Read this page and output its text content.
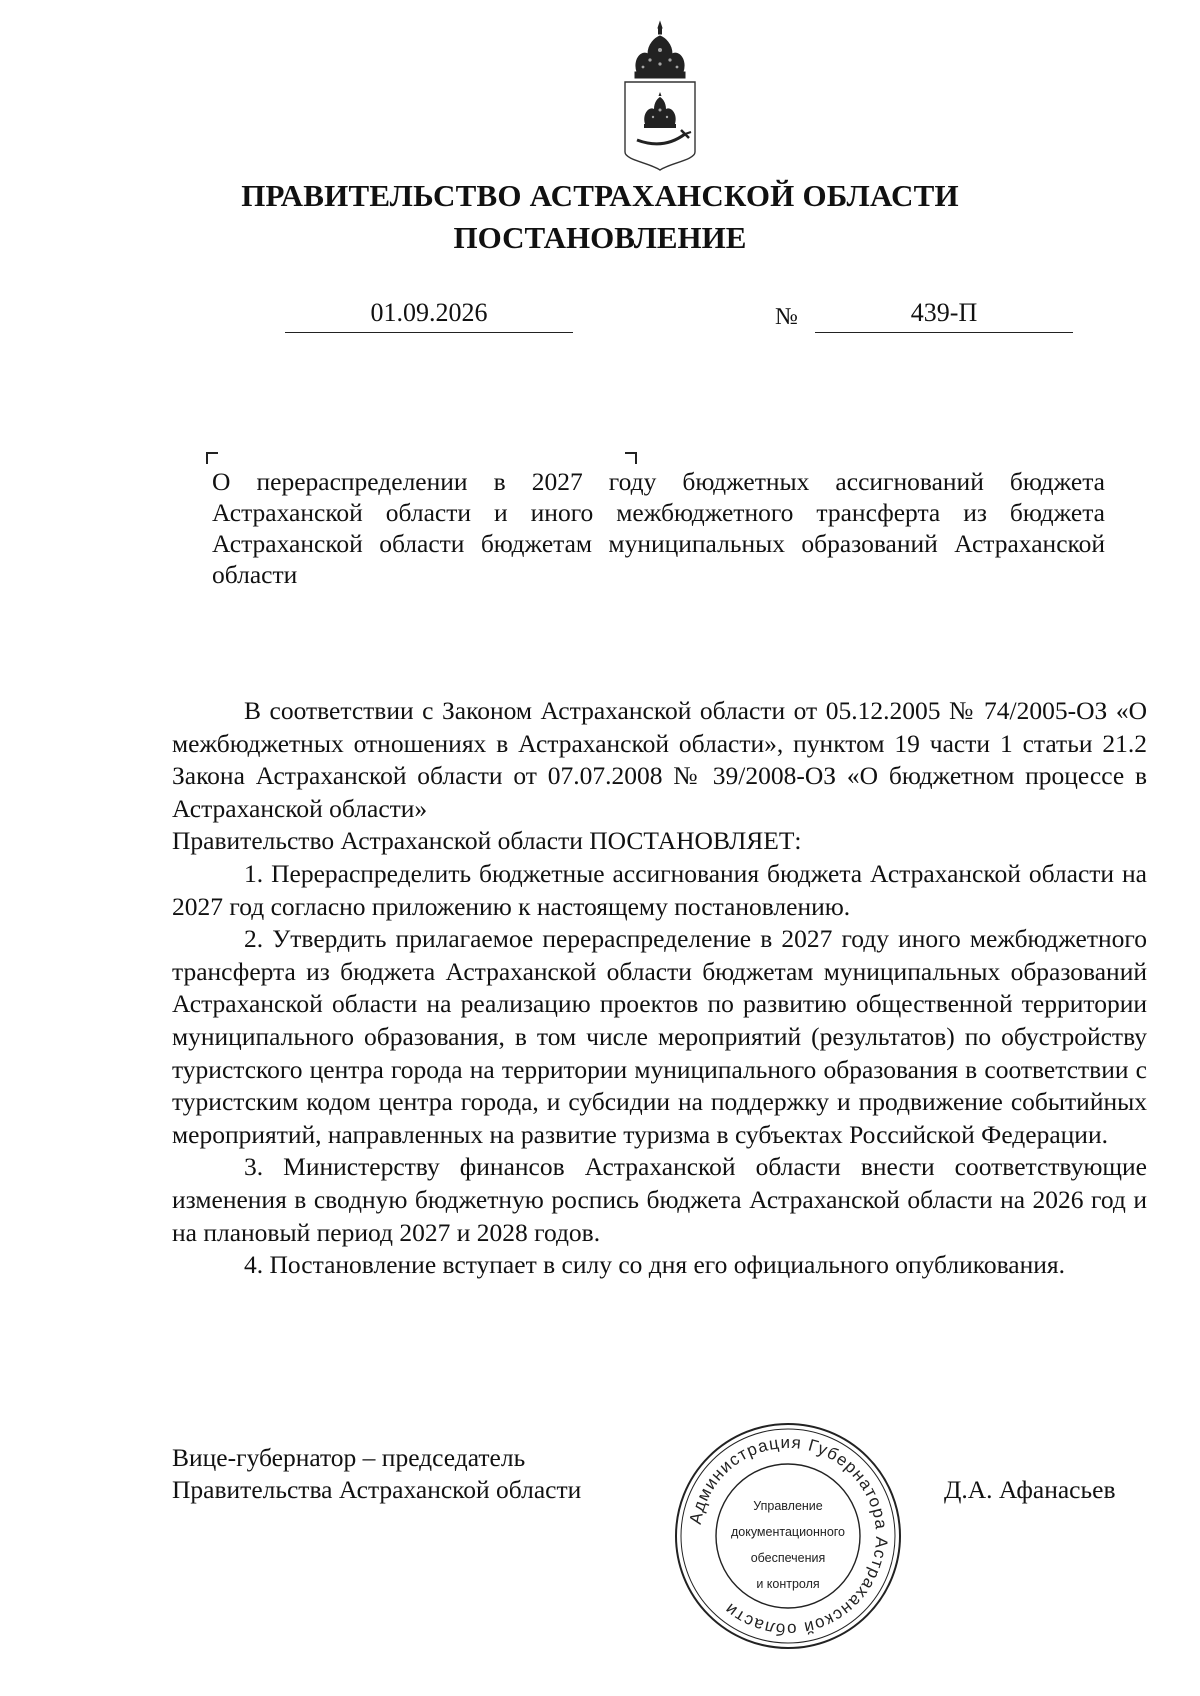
ПРАВИТЕЛЬСТВО АСТРАХАНСКОЙ ОБЛАСТИ
ПОСТАНОВЛЕНИЕ
01.09.2026	№	439-П

О перераспределении в 2027 году бюджетных ассигнований бюджета Астраханской области и иного межбюджетного трансферта из бюджета Астраханской области бюджетам муниципальных образований Астраханской области

В соответствии с Законом Астраханской области от 05.12.2005 № 74/2005-ОЗ «О межбюджетных отношениях в Астраханской области», пунктом 19 части 1 статьи 21.2 Закона Астраханской области от 07.07.2008 № 39/2008-ОЗ «О бюджетном процессе в Астраханской области»

Правительство Астраханской области ПОСТАНОВЛЯЕТ:

1. Перераспределить бюджетные ассигнования бюджета Астраханской области на 2027 год согласно приложению к настоящему постановлению.

2. Утвердить прилагаемое перераспределение в 2027 году иного межбюджетного трансферта из бюджета Астраханской области бюджетам муниципальных образований Астраханской области на реализацию проектов по развитию общественной территории муниципального образования, в том числе мероприятий (результатов) по обустройству туристского центра города на территории муниципального образования в соответствии с туристским кодом центра города, и субсидии на поддержку и продвижение событийных мероприятий, направленных на развитие туризма в субъектах Российской Федерации.

3. Министерству финансов Астраханской области внести соответствующие изменения в сводную бюджетную роспись бюджета Астраханской области на 2026 год и на плановый период 2027 и 2028 годов.

4. Постановление вступает в силу со дня его официального опубликования.

Вице-губернатор – председатель
Правительства Астраханской области
Администрация Губернатора Астраханской области
Управление
документационного
обеспечения
и контроля
Д.А. Афанасьев
